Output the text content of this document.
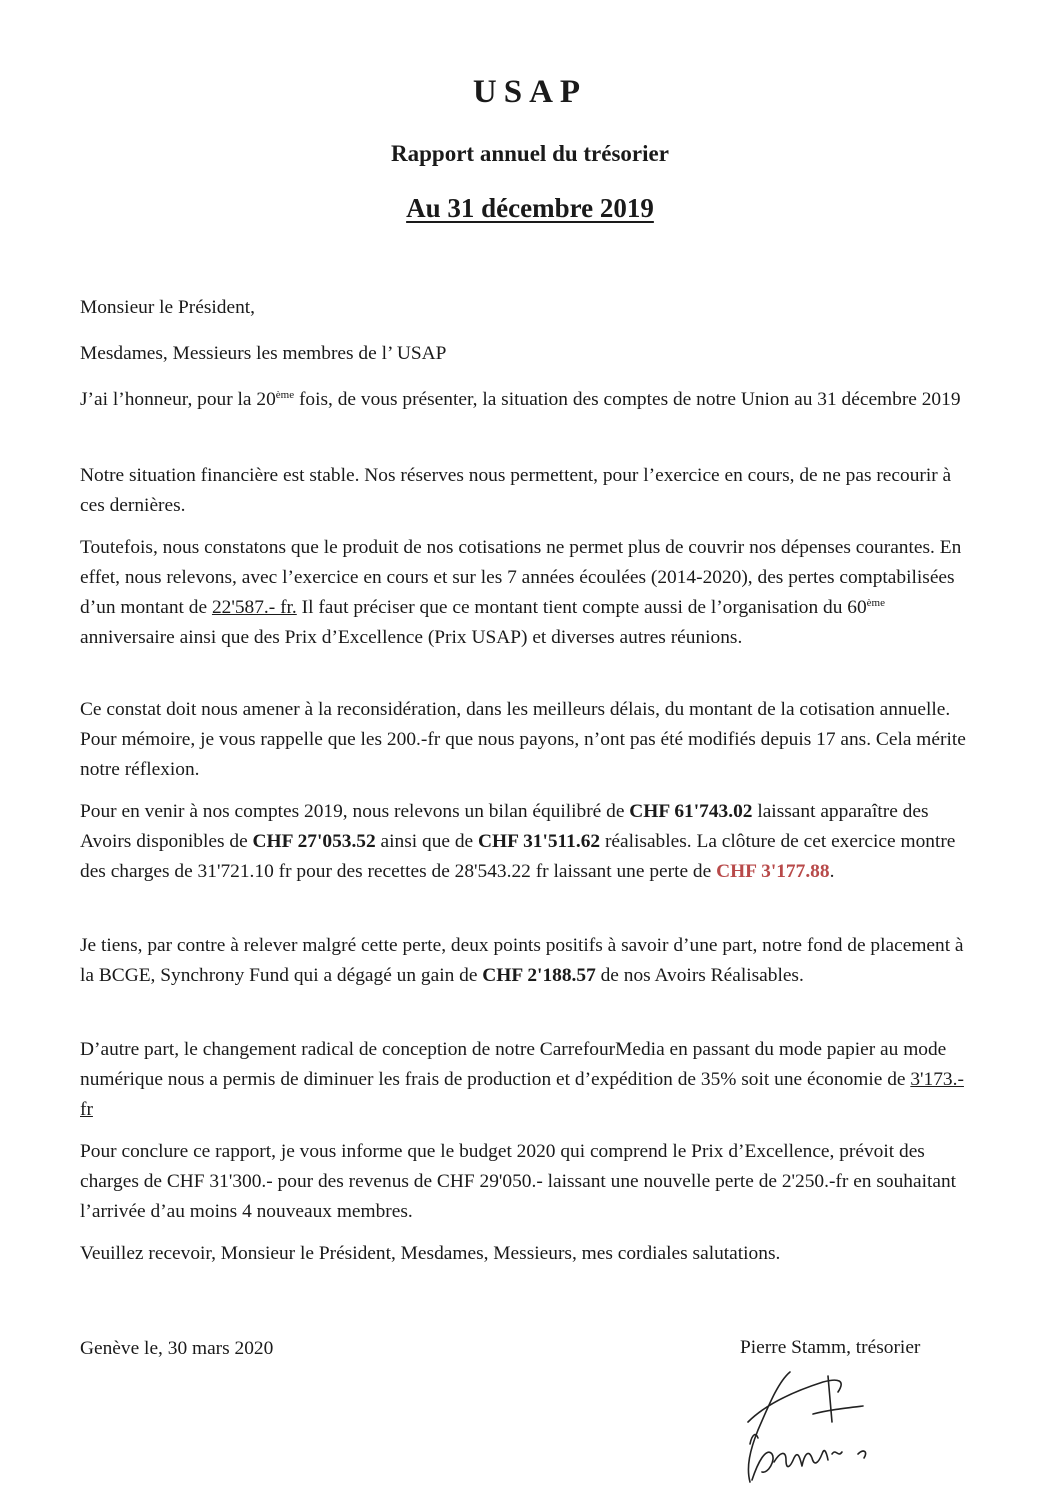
USAP
Rapport annuel du trésorier
Au 31 décembre 2019

Monsieur le Président,

Mesdames, Messieurs les membres de l’ USAP

J’ai l’honneur, pour la 20ème fois, de vous présenter, la situation des comptes de notre Union au 31 décembre 2019

Notre situation financière est stable. Nos réserves nous permettent, pour l’exercice en cours, de ne pas recourir à ces dernières.

Toutefois, nous constatons que le produit de nos cotisations ne permet plus de couvrir nos dépenses courantes. En effet, nous relevons, avec l’exercice en cours et sur les 7 années écoulées (2014-2020), des pertes comptabilisées d’un montant de 22'587.- fr. Il faut préciser que ce montant tient compte aussi de l’organisation du 60ème anniversaire ainsi que des Prix d’Excellence (Prix USAP) et diverses autres réunions.

Ce constat doit nous amener à la reconsidération, dans les meilleurs délais, du montant de la cotisation annuelle. Pour mémoire, je vous rappelle que les 200.-fr que nous payons, n’ont pas été modifiés depuis 17 ans. Cela mérite notre réflexion.

Pour en venir à nos comptes 2019, nous relevons un bilan équilibré de CHF 61'743.02 laissant apparaître des Avoirs disponibles de CHF 27'053.52 ainsi que de CHF 31'511.62 réalisables. La clôture de cet exercice montre des charges de 31'721.10 fr pour des recettes de 28'543.22 fr laissant une perte de CHF 3'177.88.

Je tiens, par contre à relever malgré cette perte, deux points positifs à savoir d’une part, notre fond de placement à la BCGE, Synchrony Fund qui a dégagé un gain de CHF 2'188.57 de nos Avoirs Réalisables.

D’autre part, le changement radical de conception de notre CarrefourMedia en passant du mode papier au mode numérique nous a permis de diminuer les frais de production et d’expédition de 35% soit une économie de 3'173.- fr

Pour conclure ce rapport, je vous informe que le budget 2020 qui comprend le Prix d’Excellence, prévoit des charges de CHF 31'300.- pour des revenus de CHF 29'050.- laissant une nouvelle perte de 2'250.-fr en souhaitant l’arrivée d’au moins 4 nouveaux membres.

Veuillez recevoir, Monsieur le Président, Mesdames, Messieurs, mes cordiales salutations.

Genève le, 30 mars 2020	Pierre Stamm, trésorier
